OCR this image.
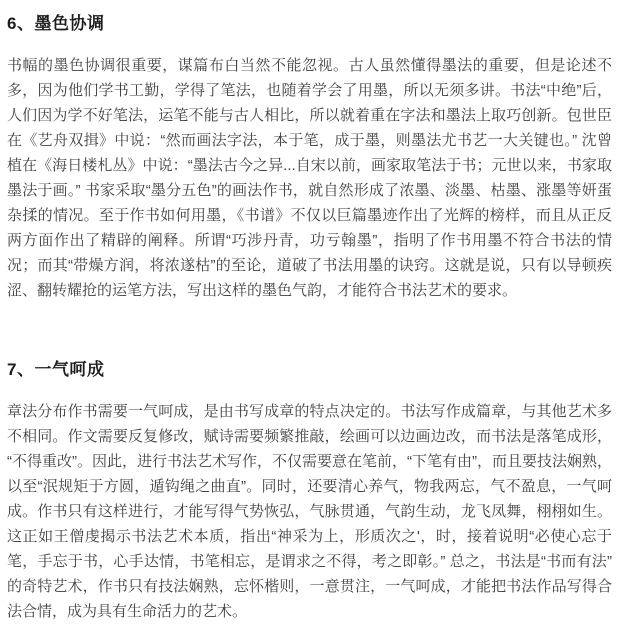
6、墨色协调

书幅的墨色协调很重要，谋篇布白当然不能忽视。古人虽然懂得墨法的重要，但是论述不多，因为他们学书工勤，学得了笔法，也随着学会了用墨，所以无须多讲。书法“中绝”后，人们因为学不好笔法，运笔不能与古人相比，所以就着重在字法和墨法上取巧创新。包世臣在《艺舟双揖》中说：“然而画法字法，本于笔，成于墨，则墨法尤书艺一大关键也。” 沈曾植在《海日楼札丛》中说：“墨法古今之异...自宋以前，画家取笔法于书；元世以来，书家取墨法于画。” 书家采取“墨分五色”的画法作书，就自然形成了浓墨、淡墨、枯墨、涨墨等妍蛋杂揉的情况。至于作书如何用墨，《书谱》不仅以巨篇墨迹作出了光辉的榜样，而且从正反两方面作出了精辟的阐释。所谓“巧涉丹青，功亏翰墨”，指明了作书用墨不符合书法的情况；而其“带燥方润，将浓遂枯”的至论，道破了书法用墨的诀窍。这就是说，只有以导顿疾涩、翻转耀抢的运笔方法，写出这样的墨色气韵，才能符合书法艺术的要求。

7、一气呵成

章法分布作书需要一气呵成，是由书写成章的特点决定的。书法写作成篇章，与其他艺术多不相同。作文需要反复修改，赋诗需要频繁推敲，绘画可以边画边改，而书法是落笔成形，“不得重改”。因此，进行书法艺术写作，不仅需要意在笔前，“下笔有由”，而且要技法娴熟，以至“泯规矩于方圆，遁钩绳之曲直”。同时，还要清心养气，物我两忘，气不盈息，一气呵成。作书只有这样进行，才能写得气势恢弘，气脉贯通，气韵生动，龙飞凤舞，栩栩如生。这正如王僧虔揭示书法艺术本质，指出“神采为上，形质次之'，时，接着说明“必使心忘于笔，手忘于书，心手达情，书笔相忘，是谓求之不得，考之即彰。” 总之，书法是“书而有法”的奇特艺术，作书只有技法娴熟，忘怀楷则，一意贯注，一气呵成，才能把书法作品写得合法合情，成为具有生命活力的艺术。
